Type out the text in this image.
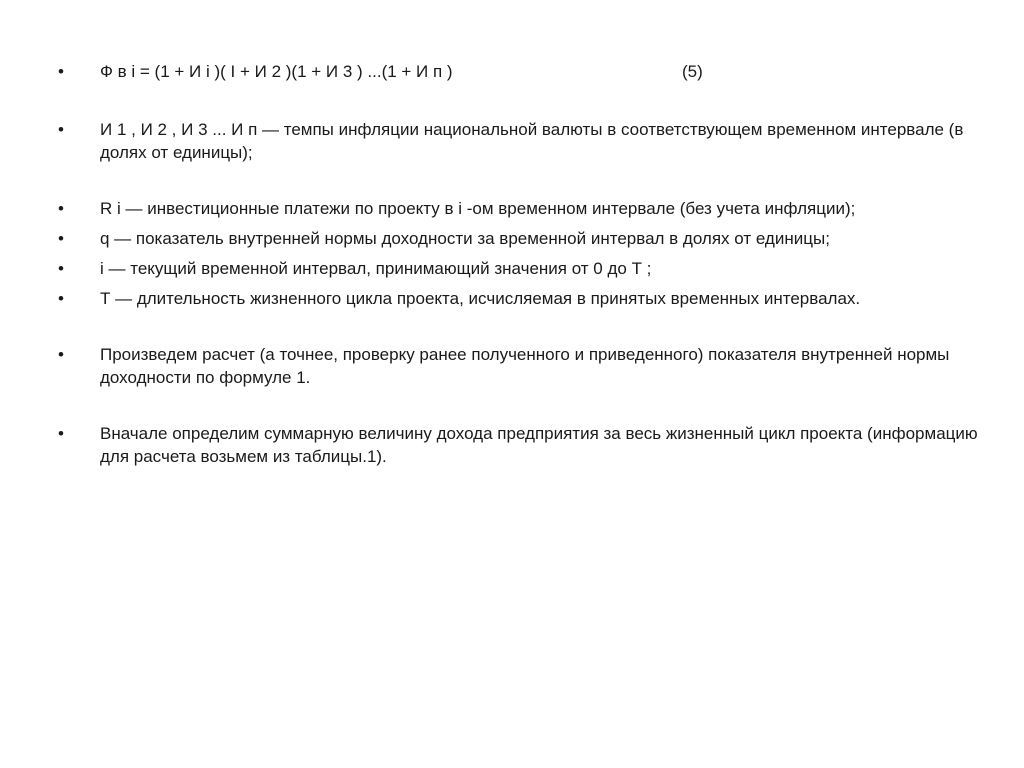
•	Ф в i = (1 + И i )( I + И 2 )(1 + И 3 ) ...(1 + И п )	(5)
•	И 1 , И 2 , И 3 ... И п — темпы инфляции национальной валюты в соответствующем временном интервале (в долях от единицы);
•	R i — инвестиционные платежи по проекту в i -ом временном интервале (без учета инфляции);
•	q — показатель внутренней нормы доходности за временной интервал в долях от единицы;
•	i — текущий временной интервал, принимающий значения от 0 до Т ;
•	Т — длительность жизненного цикла проекта, исчисляемая в принятых временных интервалах.
•	Произведем расчет (а точнее, проверку ранее полученного и приведенного) показателя внутренней нормы доходности по формуле 1.
•	Вначале определим суммарную величину дохода предприятия за весь жизненный цикл проекта (информацию для расчета возьмем из таблицы.1).
